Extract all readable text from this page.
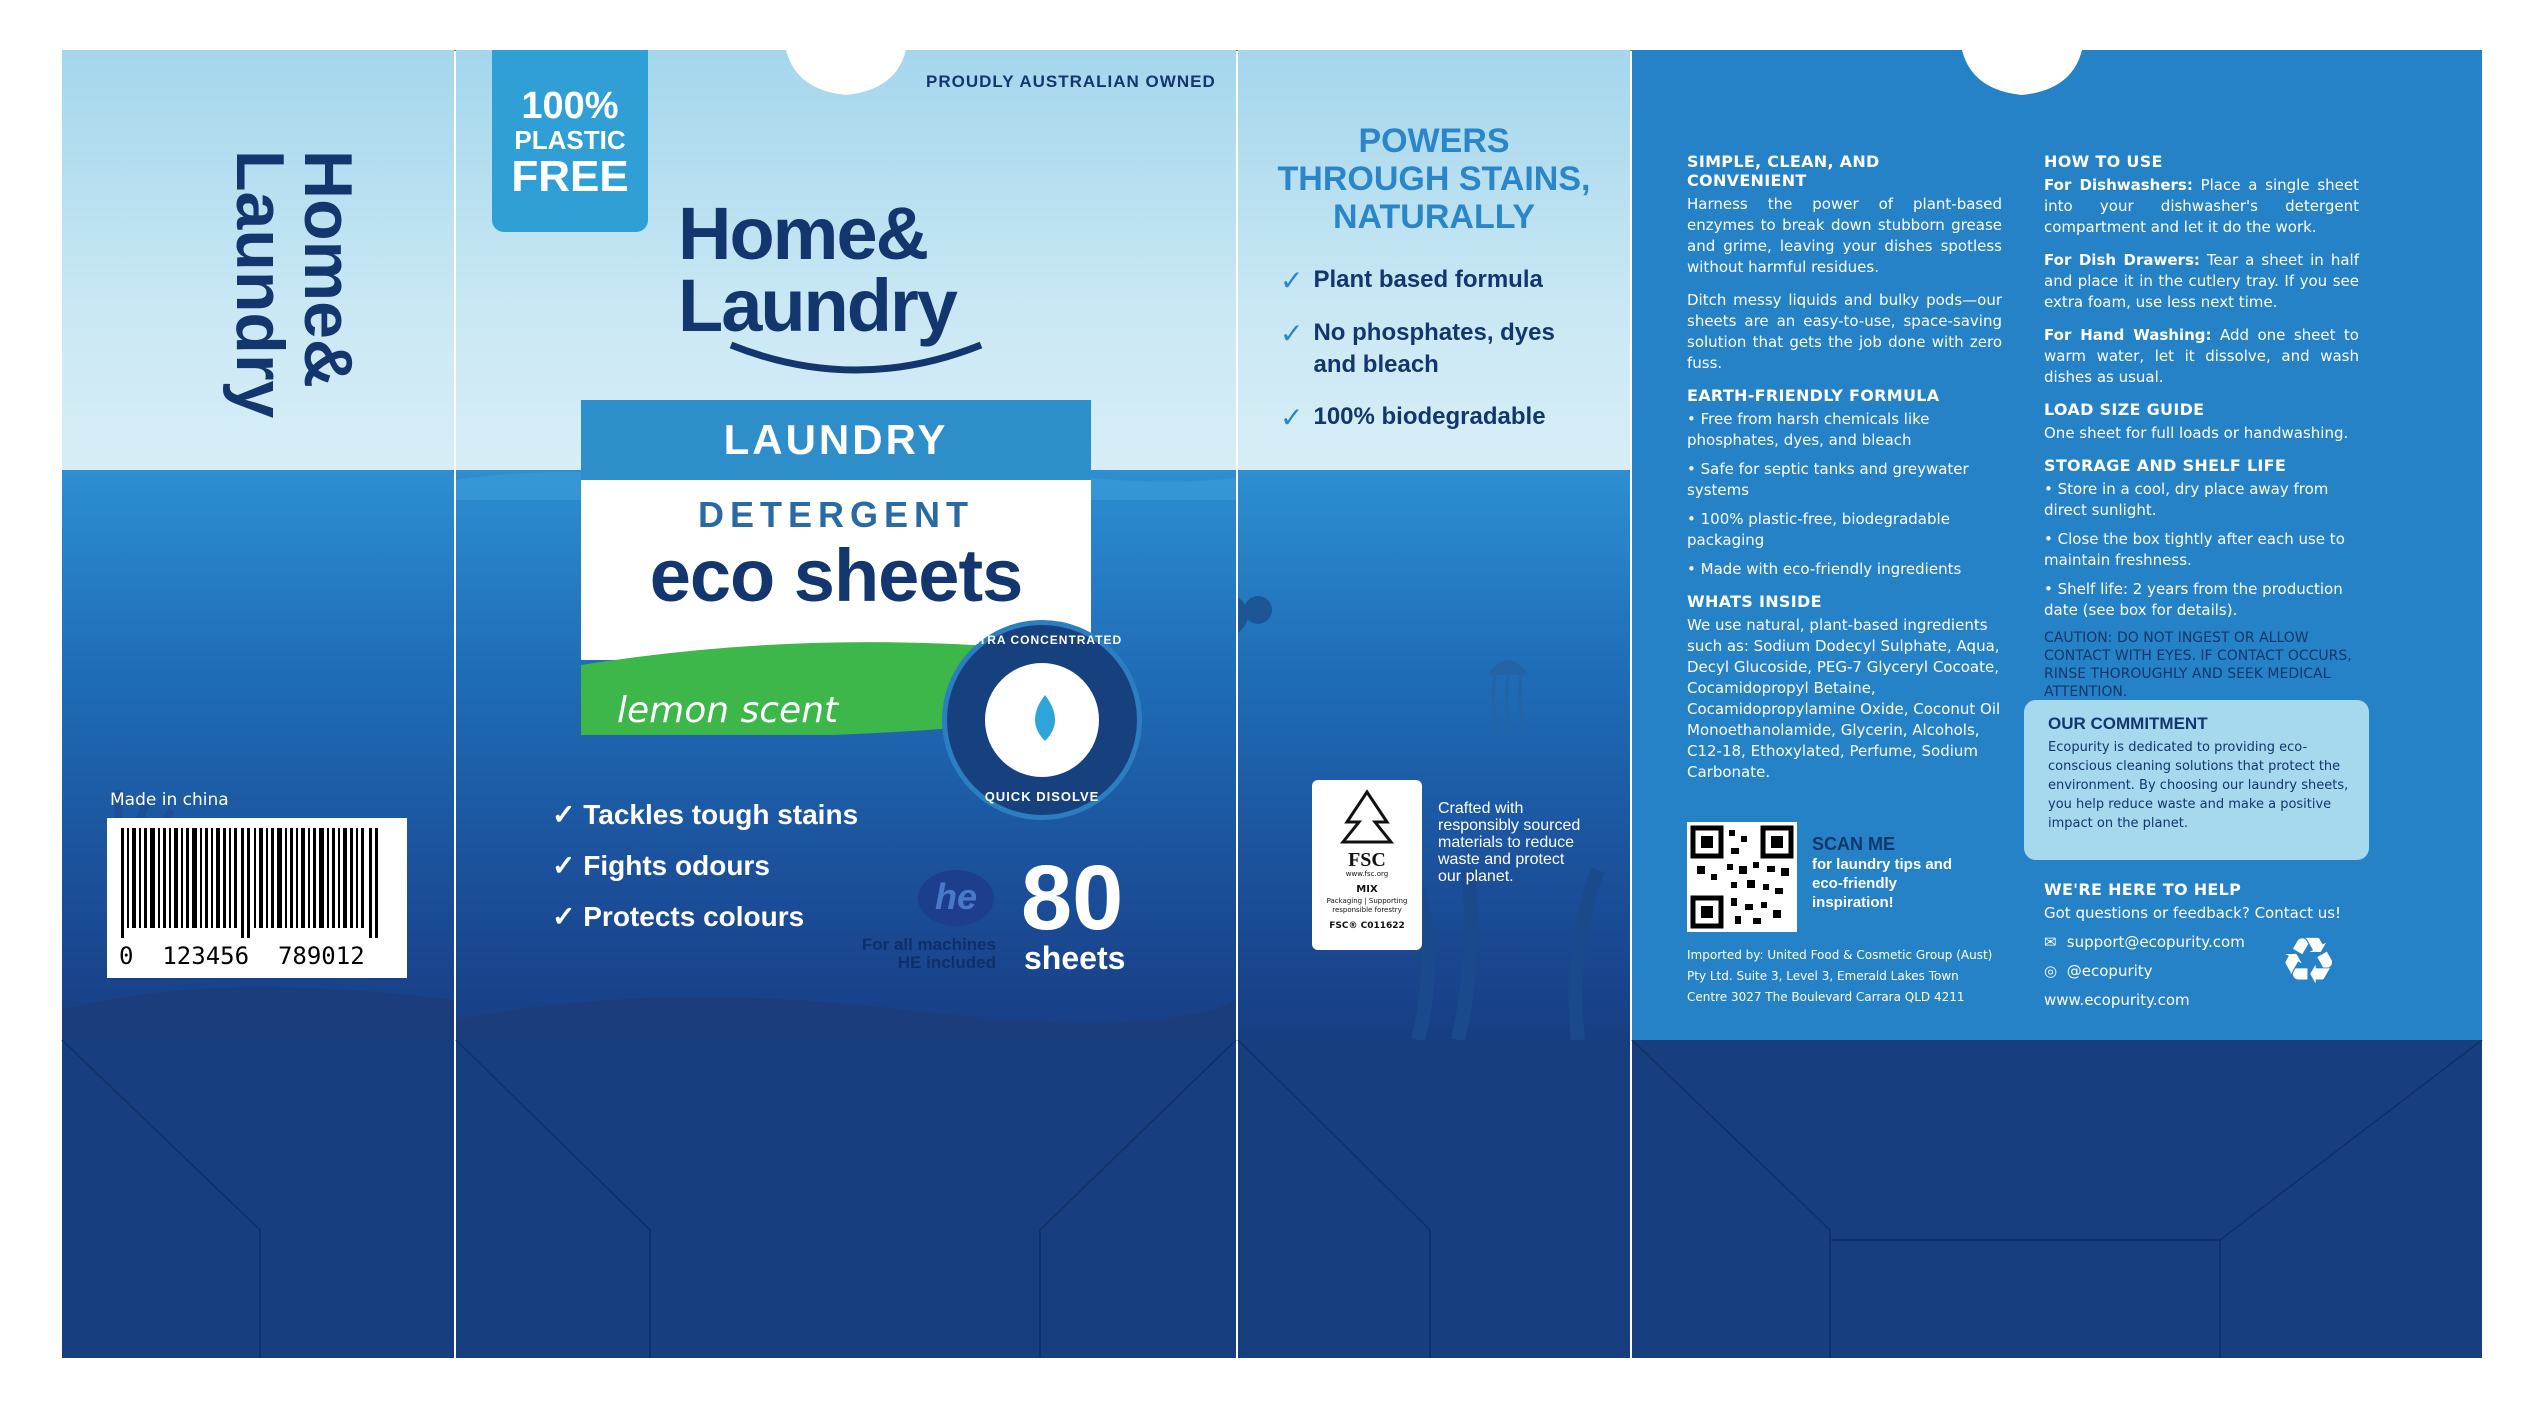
Home&
Laundry
Made in china
0  123456  789012
100%
PLASTIC
FREE
PROUDLY AUSTRALIAN OWNED
Home&
Laundry
LAUNDRY
DETERGENT
eco sheets
lemon scent
ULTRA CONCENTRATED
QUICK DISOLVE
✓ Tackles tough stains
✓ Fights odours
✓ Protects colours	he
For all machines
HE included
80
sheets
POWERS
THROUGH STAINS,
NATURALLY
✓ Plant based formula
✓ No phosphates, dyes and bleach
✓ 100% biodegradable
FSC
www.fsc.org
MIX
Packaging | Supporting responsible forestry
FSC® C011622
Crafted with responsibly sourced materials to reduce waste and protect our planet.
SIMPLE, CLEAN, AND CONVENIENT

Harness the power of plant-based enzymes to break down stubborn grease and grime, leaving your dishes spotless without harmful residues.

Ditch messy liquids and bulky pods—our sheets are an easy-to-use, space-saving solution that gets the job done with zero fuss.

EARTH-FRIENDLY FORMULA
• Free from harsh chemicals like phosphates, dyes, and bleach
• Safe for septic tanks and greywater systems
• 100% plastic-free, biodegradable packaging
• Made with eco-friendly ingredients
WHATS INSIDE

We use natural, plant-based ingredients such as: Sodium Dodecyl Sulphate, Aqua, Decyl Glucoside, PEG-7 Glyceryl Cocoate, Cocamidopropyl Betaine, Cocamidopropylamine Oxide, Coconut Oil Monoethanolamide, Glycerin, Alcohols, C12-18, Ethoxylated, Perfume, Sodium Carbonate.

SCAN ME
for laundry tips and eco-friendly inspiration!
Imported by: United Food & Cosmetic Group (Aust) Pty Ltd. Suite 3, Level 3, Emerald Lakes Town Centre 3027 The Boulevard Carrara QLD 4211
HOW TO USE

For Dishwashers: Place a single sheet into your dishwasher's detergent compartment and let it do the work.

For Dish Drawers: Tear a sheet in half and place it in the cutlery tray. If you see extra foam, use less next time.

For Hand Washing: Add one sheet to warm water, let it dissolve, and wash dishes as usual.

LOAD SIZE GUIDE

One sheet for full loads or handwashing.

STORAGE AND SHELF LIFE
• Store in a cool, dry place away from direct sunlight.
• Close the box tightly after each use to maintain freshness.
• Shelf life: 2 years from the production date (see box for details).

CAUTION: DO NOT INGEST OR ALLOW CONTACT WITH EYES. IF CONTACT OCCURS, RINSE THOROUGHLY AND SEEK MEDICAL ATTENTION.

OUR COMMITMENT
Ecopurity is dedicated to providing eco-conscious cleaning solutions that protect the environment. By choosing our laundry sheets, you help reduce waste and make a positive impact on the planet.
WE'RE HERE TO HELP
Got questions or feedback? Contact us!
✉ support@ecopurity.com
◎ @ecopurity
www.ecopurity.com
♻
